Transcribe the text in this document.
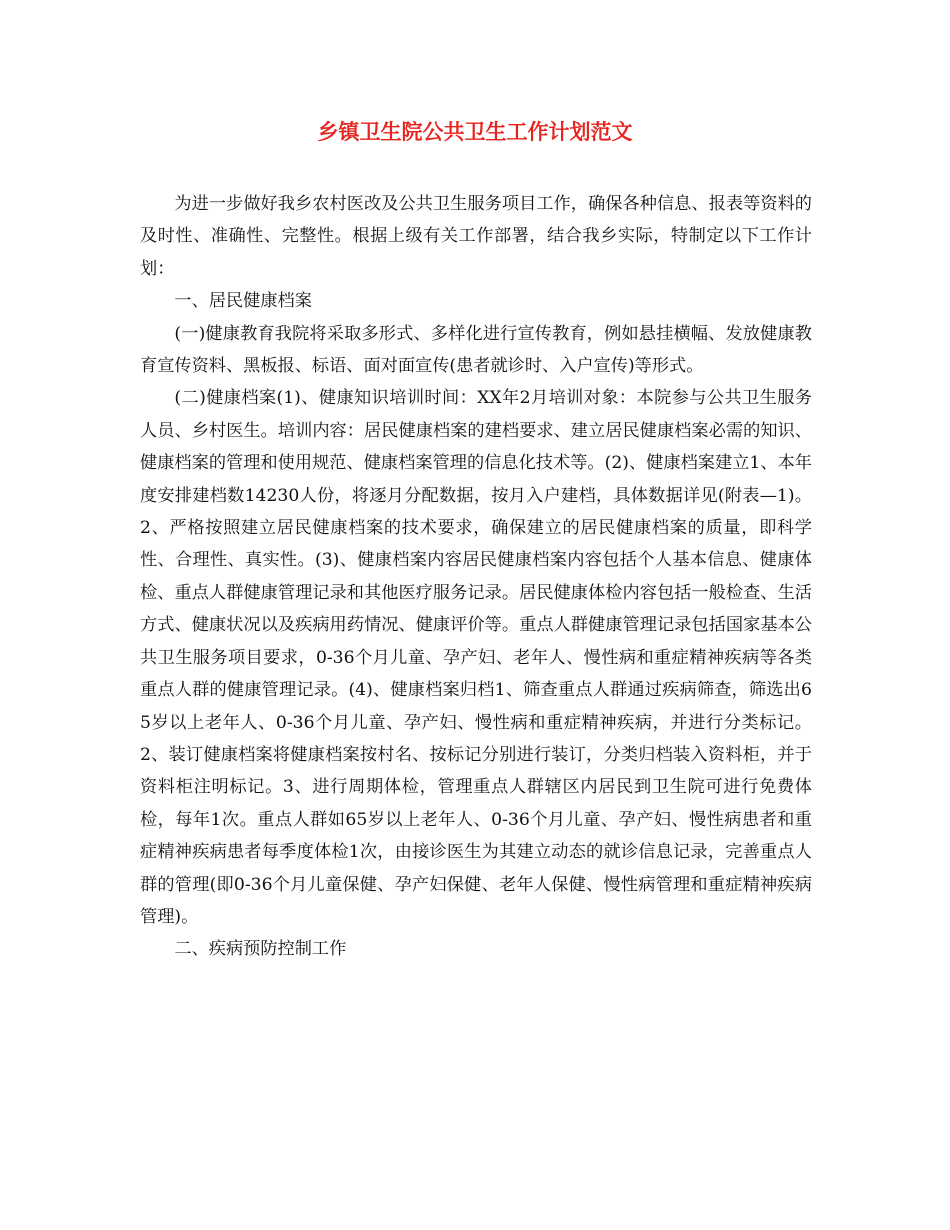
乡镇卫生院公共卫生工作计划范文

为进一步做好我乡农村医改及公共卫生服务项目工作，确保各种信息、报表等资料的及时性、准确性、完整性。根据上级有关工作部署，结合我乡实际，特制定以下工作计划：

一、居民健康档案

(一)健康教育我院将采取多形式、多样化进行宣传教育，例如悬挂横幅、发放健康教育宣传资料、黑板报、标语、面对面宣传(患者就诊时、入户宣传)等形式。

(二)健康档案(1)、健康知识培训时间：XX年2月培训对象：本院参与公共卫生服务人员、乡村医生。培训内容：居民健康档案的建档要求、建立居民健康档案必需的知识、健康档案的管理和使用规范、健康档案管理的信息化技术等。(2)、健康档案建立1、本年度安排建档数14230人份，将逐月分配数据，按月入户建档，具体数据详见(附表—1)。2、严格按照建立居民健康档案的技术要求，确保建立的居民健康档案的质量，即科学性、合理性、真实性。(3)、健康档案内容居民健康档案内容包括个人基本信息、健康体检、重点人群健康管理记录和其他医疗服务记录。居民健康体检内容包括一般检查、生活方式、健康状况以及疾病用药情况、健康评价等。重点人群健康管理记录包括国家基本公共卫生服务项目要求，0-36个月儿童、孕产妇、老年人、慢性病和重症精神疾病等各类重点人群的健康管理记录。(4)、健康档案归档1、筛查重点人群通过疾病筛查，筛选出65岁以上老年人、0-36个月儿童、孕产妇、慢性病和重症精神疾病，并进行分类标记。2、装订健康档案将健康档案按村名、按标记分别进行装订，分类归档装入资料柜，并于资料柜注明标记。3、进行周期体检，管理重点人群辖区内居民到卫生院可进行免费体检，每年1次。重点人群如65岁以上老年人、0-36个月儿童、孕产妇、慢性病患者和重症精神疾病患者每季度体检1次，由接诊医生为其建立动态的就诊信息记录，完善重点人群的管理(即0-36个月儿童保健、孕产妇保健、老年人保健、慢性病管理和重症精神疾病管理)。

二、疾病预防控制工作
